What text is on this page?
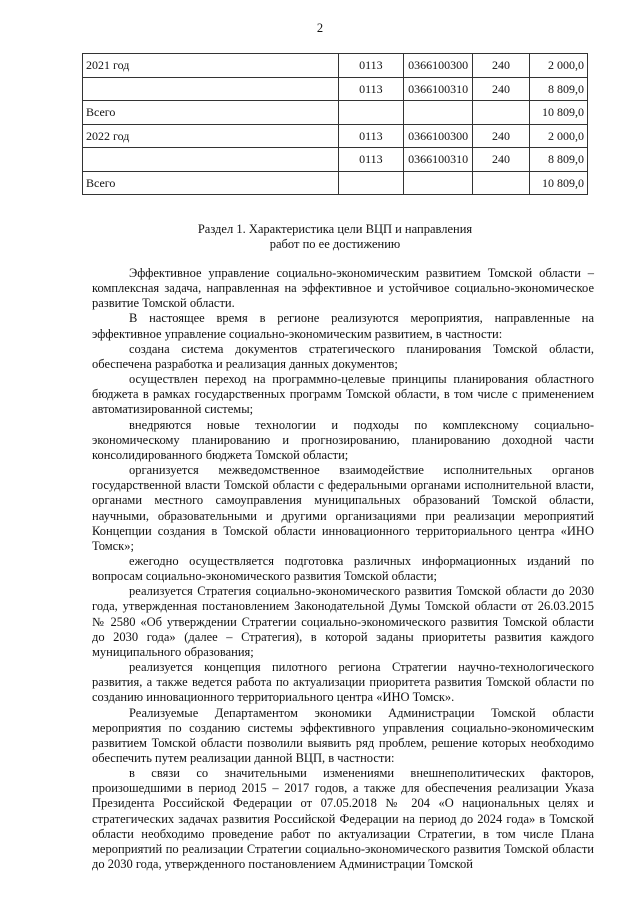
2
2021 год	0113	0366100300	240	2 000,0
	0113	0366100310	240	8 809,0
Всего				10 809,0
2022 год	0113	0366100300	240	2 000,0
	0113	0366100310	240	8 809,0
Всего				10 809,0
Раздел 1. Характеристика цели ВЦП и направления
работ по ее достижению

Эффективное управление социально-экономическим развитием Томской области – комплексная задача, направленная на эффективное и устойчивое социально-экономическое развитие Томской области.

В настоящее время в регионе реализуются мероприятия, направленные на эффективное управление социально-экономическим развитием, в частности:

создана система документов стратегического планирования Томской области, обеспечена разработка и реализация данных документов;

осуществлен переход на программно-целевые принципы планирования областного бюджета в рамках государственных программ Томской области, в том числе с применением автоматизированной системы;

внедряются новые технологии и подходы по комплексному социально-экономическому планированию и прогнозированию, планированию доходной части консолидированного бюджета Томской области;

организуется межведомственное взаимодействие исполнительных органов государственной власти Томской области с федеральными органами исполнительной власти, органами местного самоуправления муниципальных образований Томской области, научными, образовательными и другими организациями при реализации мероприятий Концепции создания в Томской области инновационного территориального центра «ИНО Томск»;

ежегодно осуществляется подготовка различных информационных изданий по вопросам социально-экономического развития Томской области;

реализуется Стратегия социально-экономического развития Томской области до 2030 года, утвержденная постановлением Законодательной Думы Томской области от 26.03.2015 № 2580 «Об утверждении Стратегии социально-экономического развития Томской области до 2030 года» (далее – Стратегия), в которой заданы приоритеты развития каждого муниципального образования;

реализуется концепция пилотного региона Стратегии научно-технологического развития, а также ведется работа по актуализации приоритета развития Томской области по созданию инновационного территориального центра «ИНО Томск».

Реализуемые Департаментом экономики Администрации Томской области мероприятия по созданию системы эффективного управления социально-экономическим развитием Томской области позволили выявить ряд проблем, решение которых необходимо обеспечить путем реализации данной ВЦП, в частности:

в связи со значительными изменениями внешнеполитических факторов, произошедшими в период 2015 – 2017 годов, а также для обеспечения реализации Указа Президента Российской Федерации от 07.05.2018 № 204 «О национальных целях и стратегических задачах развития Российской Федерации на период до 2024 года» в Томской области необходимо проведение работ по актуализации Стратегии, в том числе Плана мероприятий по реализации Стратегии социально-экономического развития Томской области до 2030 года, утвержденного постановлением Администрации Томской
